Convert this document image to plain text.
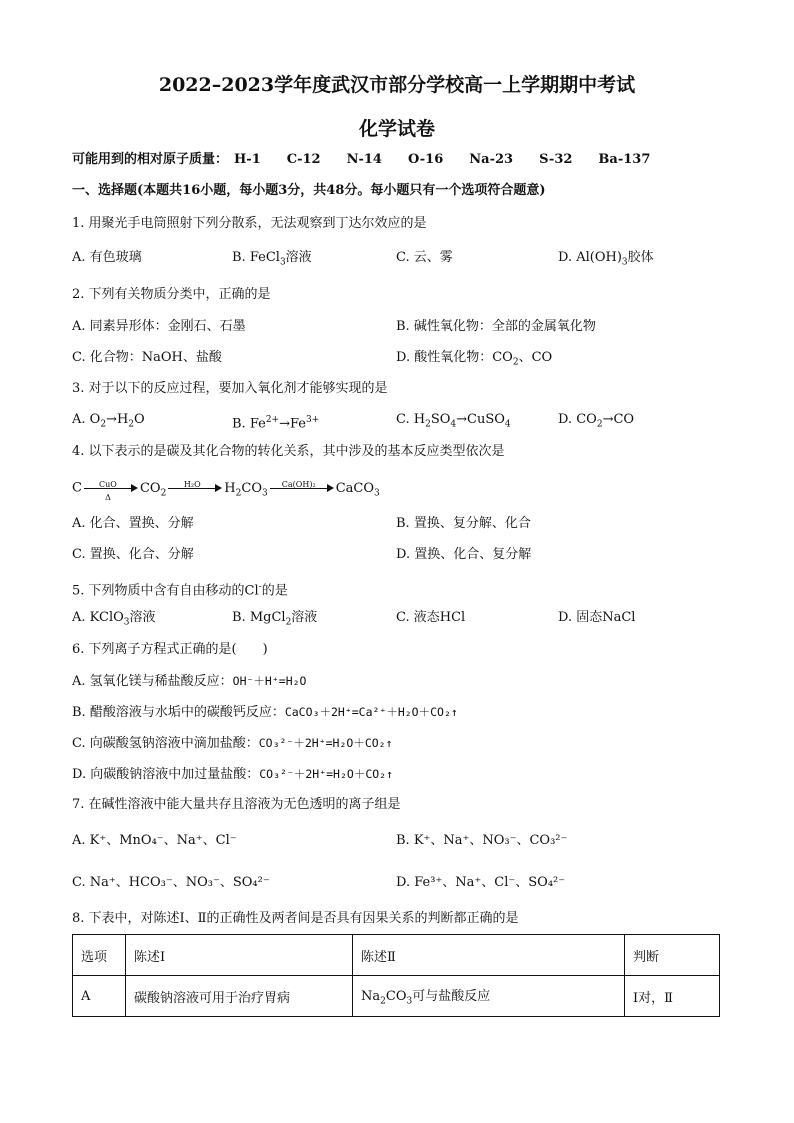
2022–2023学年度武汉市部分学校高一上学期期中考试
化学试卷
可能用到的相对原子质量： H-1 C-12 N-14 O-16 Na-23 S-32 Ba-137
一、选择题(本题共16小题，每小题3分，共48分。每小题只有一个选项符合题意)
1. 用聚光手电筒照射下列分散系，无法观察到丁达尔效应的是
A. 有色玻璃	B. FeCl$_3$溶液	C. 云、雾	D. $Al(OH)_3$胶体
2. 下列有关物质分类中，正确的是
A. 同素异形体：金刚石、石墨	B. 碱性氧化物：全部的金属氧化物
C. 化合物：NaOH、盐酸	D. 酸性氧化物：$CO_2$、CO
3. 对于以下的反应过程，要加入氧化剂才能够实现的是
A. $O_2\to H_2O$	B. $Fe^{2+}\to Fe^{3+}$	C. $H_2SO_4\to CuSO_4$	D. $CO_2\to CO$
4. 以下表示的是碳及其化合物的转化关系，其中涉及的基本反应类型依次是
C	CuO
Δ
$CO_2$
H₂O	$H_2CO_3$
Ca(OH)₂	CaCO$_3$
A. 化合、置换、分解	B. 置换、复分解、化合
C. 置换、化合、分解	D. 置换、化合、复分解
5. 下列物质中含有自由移动的Cl-的是
A. KClO$_3$溶液	B. MgCl$_2$溶液	C. 液态HCl	D. 固态NaCl
6. 下列离子方程式正确的是(　　)
A. 氢氧化镁与稀盐酸反应：OH⁻＋H⁺=H₂O
B. 醋酸溶液与水垢中的碳酸钙反应：CaCO₃＋2H⁺=Ca²⁺＋H₂O＋CO₂↑
C. 向碳酸氢钠溶液中滴加盐酸：CO₃²⁻＋2H⁺=H₂O＋CO₂↑
D. 向碳酸钠溶液中加过量盐酸：CO₃²⁻＋2H⁺=H₂O＋CO₂↑
7. 在碱性溶液中能大量共存且溶液为无色透明的离子组是
A. K⁺、MnO₄⁻、Na⁺、Cl⁻	B. K⁺、Na⁺、NO₃⁻、CO₃²⁻
C. Na⁺、HCO₃⁻、NO₃⁻、SO₄²⁻	D. Fe³⁺、Na⁺、Cl⁻、SO₄²⁻
8. 下表中，对陈述Ⅰ、Ⅱ的正确性及两者间是否具有因果关系的判断都正确的是
选项	陈述Ⅰ	陈述Ⅱ	判断
A	碳酸钠溶液可用于治疗胃病	$Na_2CO_3$可与盐酸反应	Ⅰ对，Ⅱ
